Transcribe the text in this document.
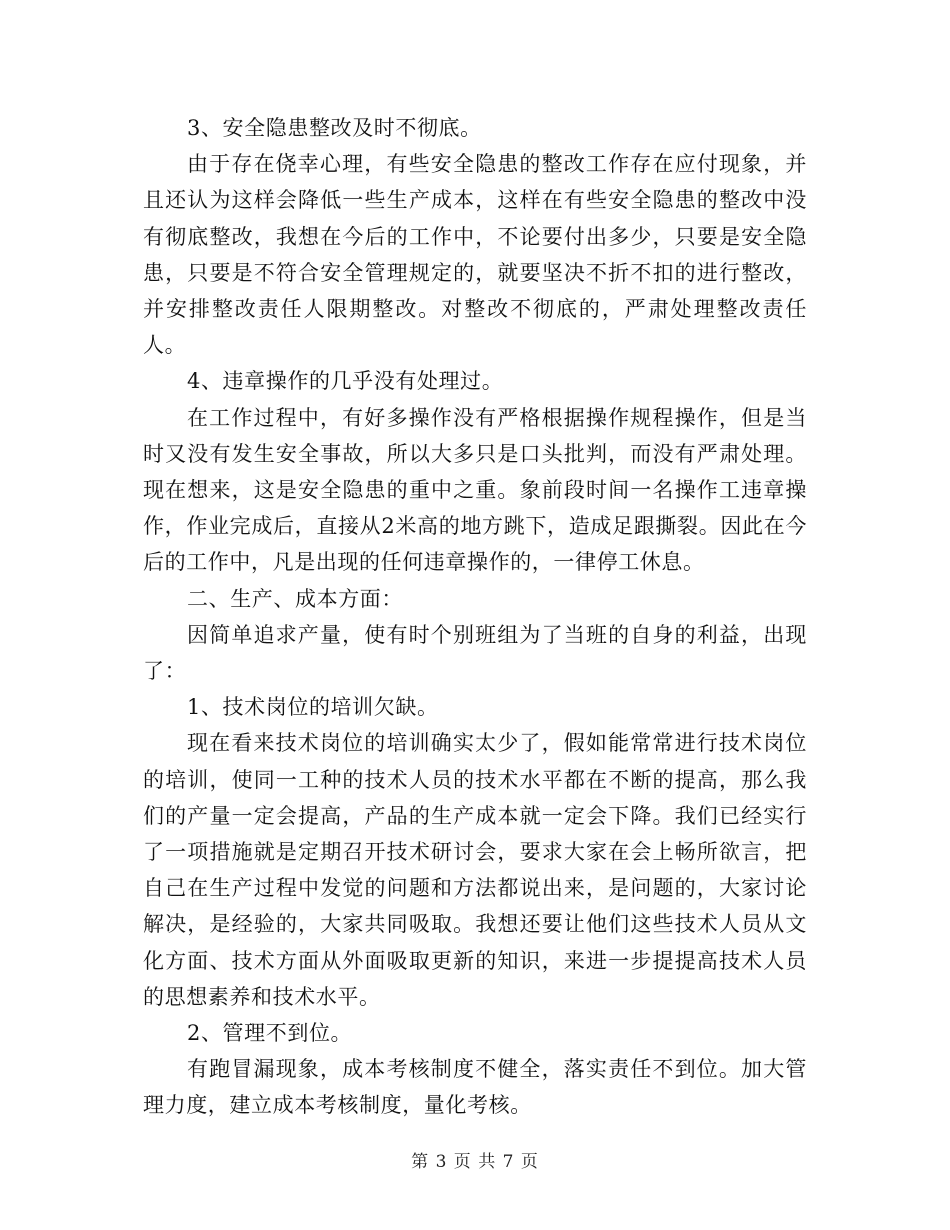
3、安全隐患整改及时不彻底。

由于存在侥幸心理，有些安全隐患的整改工作存在应付现象，并且还认为这样会降低一些生产成本，这样在有些安全隐患的整改中没有彻底整改，我想在今后的工作中，不论要付出多少，只要是安全隐患，只要是不符合安全管理规定的，就要坚决不折不扣的进行整改，并安排整改责任人限期整改。对整改不彻底的，严肃处理整改责任人。

4、违章操作的几乎没有处理过。

在工作过程中，有好多操作没有严格根据操作规程操作，但是当时又没有发生安全事故，所以大多只是口头批判，而没有严肃处理。现在想来，这是安全隐患的重中之重。象前段时间一名操作工违章操作，作业完成后，直接从2米高的地方跳下，造成足跟撕裂。因此在今后的工作中，凡是出现的任何违章操作的，一律停工休息。

二、生产、成本方面：

因简单追求产量，使有时个别班组为了当班的自身的利益，出现了：

1、技术岗位的培训欠缺。

现在看来技术岗位的培训确实太少了，假如能常常进行技术岗位的培训，使同一工种的技术人员的技术水平都在不断的提高，那么我们的产量一定会提高，产品的生产成本就一定会下降。我们已经实行了一项措施就是定期召开技术研讨会，要求大家在会上畅所欲言，把自己在生产过程中发觉的问题和方法都说出来，是问题的，大家讨论解决，是经验的，大家共同吸取。我想还要让他们这些技术人员从文化方面、技术方面从外面吸取更新的知识，来进一步提提高技术人员的思想素养和技术水平。

2、管理不到位。

有跑冒漏现象，成本考核制度不健全，落实责任不到位。加大管理力度，建立成本考核制度，量化考核。

第 3 页 共 7 页
